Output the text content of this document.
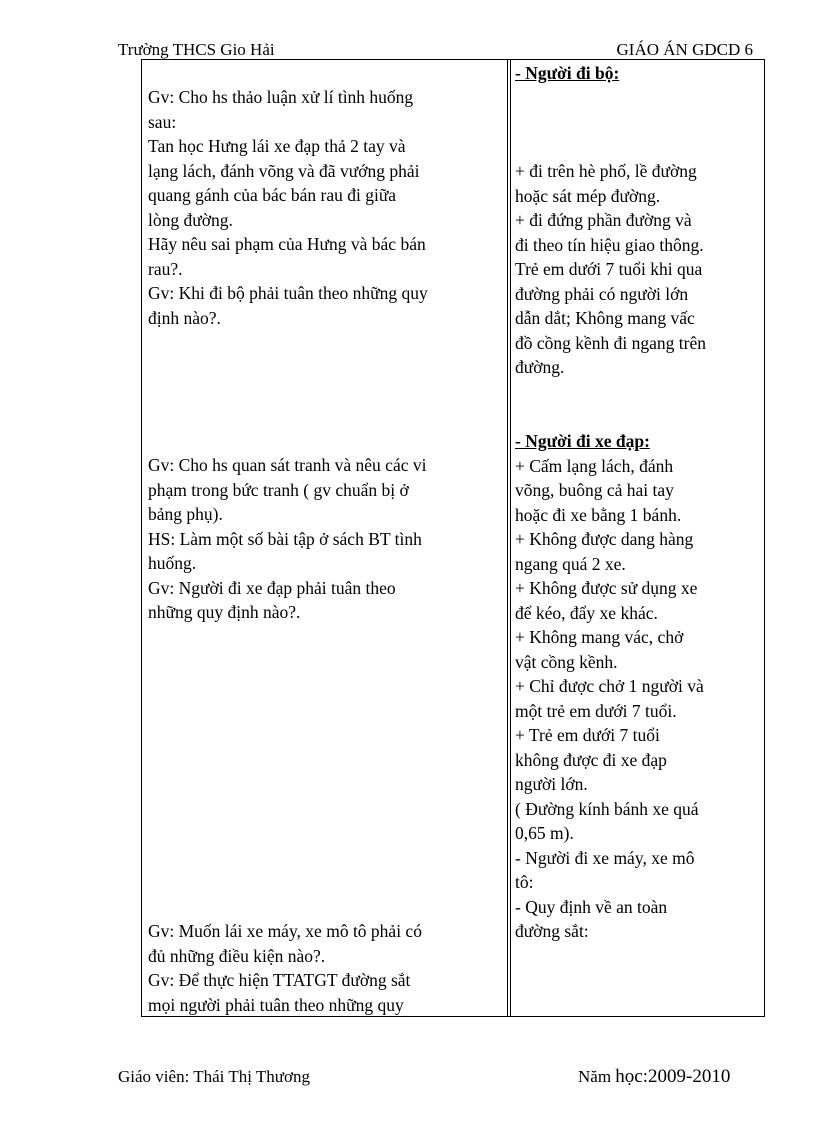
Trường THCS Gio Hải	GIÁO ÁN GDCD 6
Gv: Cho hs thảo luận xử lí tình huống
sau:
Tan học Hưng lái xe đạp thả 2 tay và
lạng lách, đánh võng và đã vướng phải
quang gánh của bác bán rau đi giữa
lòng đường.
Hãy nêu sai phạm của Hưng và bác bán
rau?.
Gv: Khi đi bộ phải tuân theo những quy
định nào?.
Gv: Cho hs quan sát tranh và nêu các vi
phạm trong bức tranh ( gv chuẩn bị ở
bảng phụ).
HS: Làm một số bài tập ở sách BT tình
huống.
Gv: Người đi xe đạp phải tuân theo
những quy định nào?.
Gv: Muốn lái xe máy, xe mô tô phải có
đủ những điều kiện nào?.
Gv: Để thực hiện TTATGT đường sắt
mọi người phải tuân theo những quy
- Người đi bộ:
+ đi trên hè phố, lề đường
hoặc sát mép đường.
+ đi đứng phần đường và
đi theo tín hiệu giao thông.
Trẻ em dưới 7 tuổi khi qua
đường phải có người lớn
dẫn dắt; Không mang vấc
đồ cồng kềnh đi ngang trên
đường.
- Người đi xe đạp:
+ Cấm lạng lách, đánh
võng, buông cả hai tay
hoặc đi xe bằng 1 bánh.
+ Không được dang hàng
ngang quá 2 xe.
+ Không được sử dụng xe
để kéo, đẩy xe khác.
+ Không mang vác, chở
vật cồng kềnh.
+ Chỉ được chở 1 người và
một trẻ em dưới 7 tuổi.
+ Trẻ em dưới 7 tuổi
không được đi xe đạp
người lớn.
( Đường kính bánh xe quá
0,65 m).
- Người đi xe máy, xe mô
tô:
- Quy định về an toàn
đường sắt:
Giáo viên: Thái Thị Thương	Năm học:2009-2010
